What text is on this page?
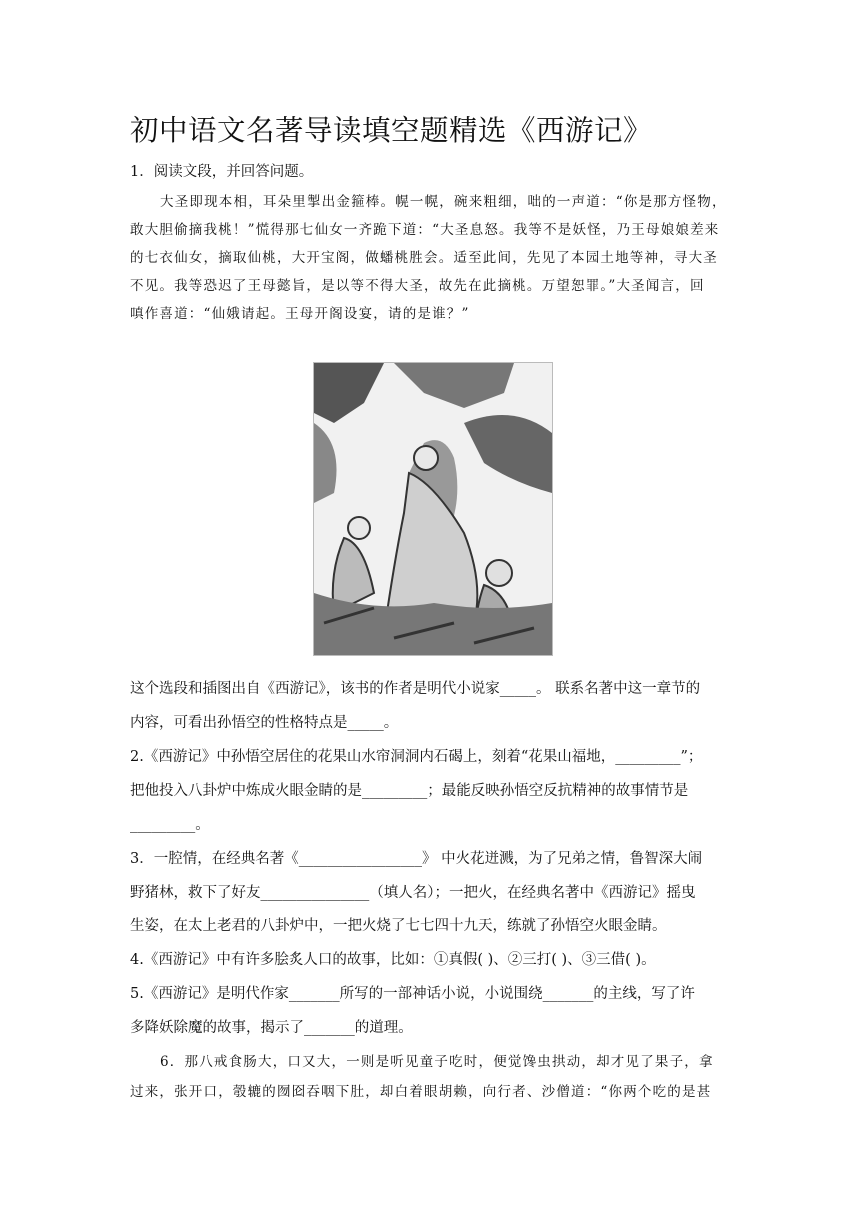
初中语文名著导读填空题精选《西游记》
1．阅读文段，并回答问题。
大圣即现本相，耳朵里掣出金箍棒。幌一幌，碗来粗细，咄的一声道：“你是那方怪物，
敢大胆偷摘我桃！”慌得那七仙女一齐跪下道：“大圣息怒。我等不是妖怪，乃王母娘娘差来
的七衣仙女，摘取仙桃，大开宝阁，做蟠桃胜会。适至此间，先见了本园土地等神，寻大圣
不见。我等恐迟了王母懿旨，是以等不得大圣，故先在此摘桃。万望恕罪。”大圣闻言，回
嗔作喜道：“仙娥请起。王母开阁设宴，请的是谁？”
这个选段和插图出自《西游记》，该书的作者是明代小说家_____。 联系名著中这一章节的
内容，可看出孙悟空的性格特点是_____。
2.《西游记》中孙悟空居住的花果山水帘洞洞内石碣上，刻着“花果山福地，_________”；
把他投入八卦炉中炼成火眼金睛的是_________；最能反映孙悟空反抗精神的故事情节是
_________。
3．一腔情，在经典名著《_________________》 中火花迸溅，为了兄弟之情，鲁智深大闹
野猪林，救下了好友_______________（填人名）；一把火，在经典名著中《西游记》摇曳
生姿，在太上老君的八卦炉中，一把火烧了七七四十九天，练就了孙悟空火眼金睛。
4.《西游记》中有许多脍炙人口的故事，比如：①真假( )、②三打( )、③三借( )。
5.《西游记》是明代作家_______所写的一部神话小说，小说围绕_______的主线，写了许
多降妖除魔的故事，揭示了_______的道理。
6．那八戒食肠大，口又大，一则是听见童子吃时，便觉馋虫拱动，却才见了果子，拿
过来，张开口，彀辘的囫囵吞咽下肚，却白着眼胡赖，向行者、沙僧道：“你两个吃的是甚
